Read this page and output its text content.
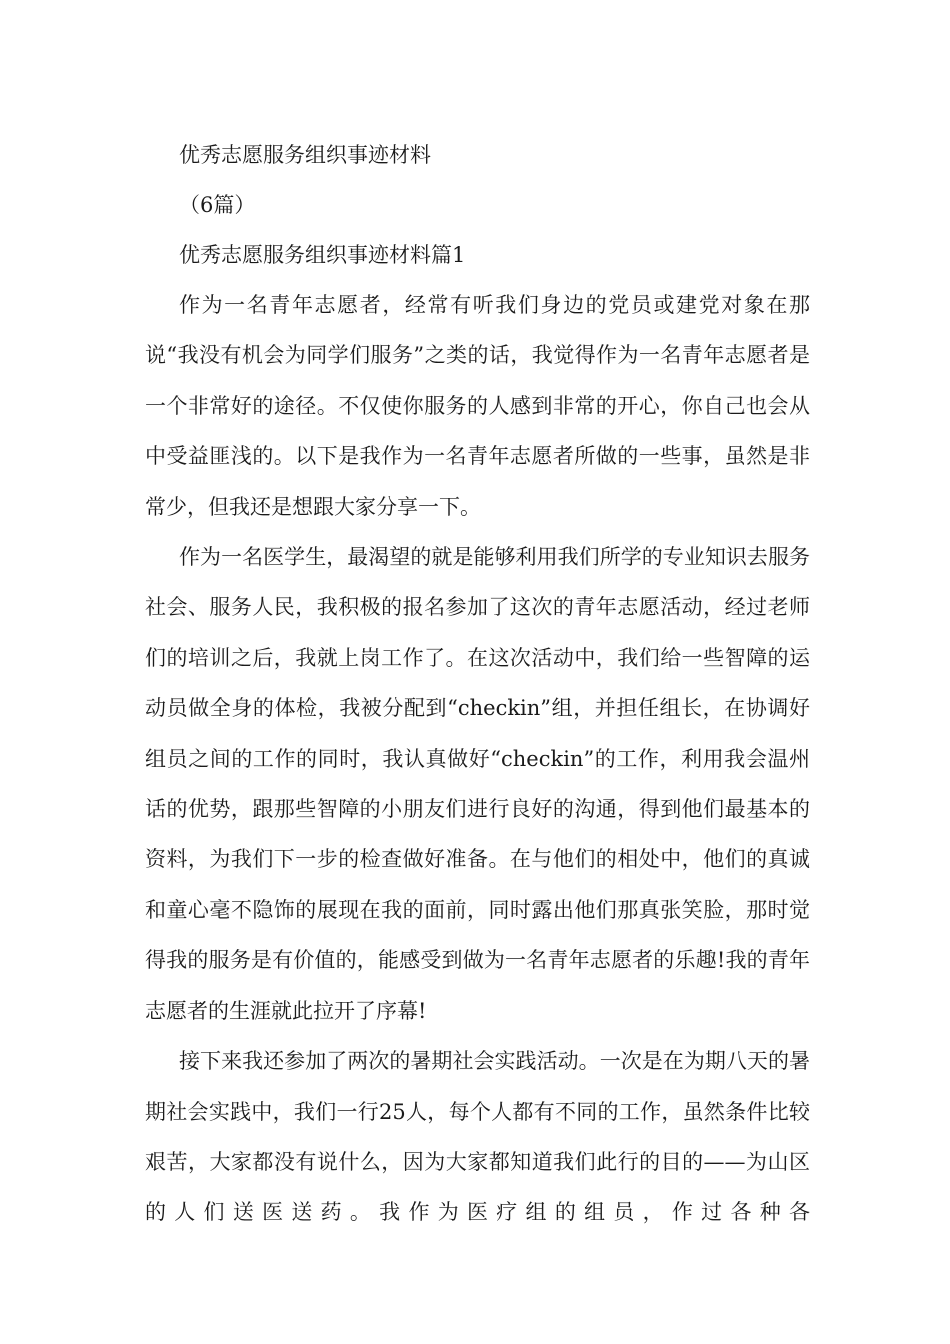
优秀志愿服务组织事迹材料
（6篇）
优秀志愿服务组织事迹材料篇1

作为一名青年志愿者，经常有听我们身边的党员或建党对象在那说“我没有机会为同学们服务”之类的话，我觉得作为一名青年志愿者是一个非常好的途径。不仅使你服务的人感到非常的开心，你自己也会从中受益匪浅的。以下是我作为一名青年志愿者所做的一些事，虽然是非常少，但我还是想跟大家分享一下。

作为一名医学生，最渴望的就是能够利用我们所学的专业知识去服务社会、服务人民，我积极的报名参加了这次的青年志愿活动，经过老师们的培训之后，我就上岗工作了。在这次活动中，我们给一些智障的运动员做全身的体检，我被分配到“checkin”组，并担任组长，在协调好组员之间的工作的同时，我认真做好“checkin”的工作，利用我会温州话的优势，跟那些智障的小朋友们进行良好的沟通，得到他们最基本的资料，为我们下一步的检查做好准备。在与他们的相处中，他们的真诚和童心毫不隐饰的展现在我的面前，同时露出他们那真张笑脸，那时觉得我的服务是有价值的，能感受到做为一名青年志愿者的乐趣!我的青年志愿者的生涯就此拉开了序幕!

接下来我还参加了两次的暑期社会实践活动。一次是在为期八天的暑期社会实践中，我们一行25人，每个人都有不同的工作，虽然条件比较艰苦，大家都没有说什么，因为大家都知道我们此行的目的——为山区的人们送医送药。我作为医疗组的组员，作过各种各
